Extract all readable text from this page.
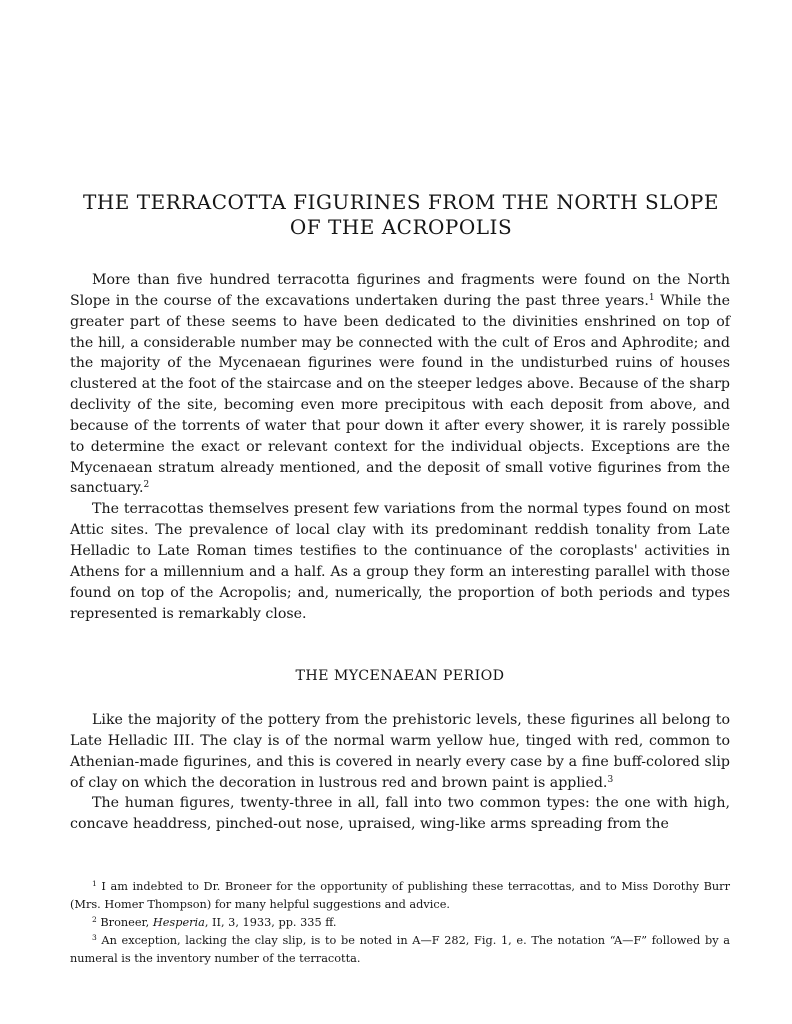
THE TERRACOTTA FIGURINES FROM THE NORTH SLOPE
OF THE ACROPOLIS

More than five hundred terracotta figurines and fragments were found on the North Slope in the course of the excavations undertaken during the past three years.$^1$ While the greater part of these seems to have been dedicated to the divinities enshrined on top of the hill, a considerable number may be connected with the cult of Eros and Aphrodite; and the majority of the Mycenaean figurines were found in the undisturbed ruins of houses clustered at the foot of the staircase and on the steeper ledges above. Because of the sharp declivity of the site, becoming even more precipitous with each deposit from above, and because of the torrents of water that pour down it after every shower, it is rarely possible to determine the exact or relevant context for the individual objects. Exceptions are the Mycenaean stratum already mentioned, and the deposit of small votive figurines from the sanctuary.$^2$

The terracottas themselves present few variations from the normal types found on most Attic sites. The prevalence of local clay with its predominant reddish tonality from Late Helladic to Late Roman times testifies to the continuance of the coroplasts' activities in Athens for a millennium and a half. As a group they form an interesting parallel with those found on top of the Acropolis; and, numerically, the proportion of both periods and types represented is remarkably close.

THE MYCENAEAN PERIOD

Like the majority of the pottery from the prehistoric levels, these figurines all belong to Late Helladic III. The clay is of the normal warm yellow hue, tinged with red, common to Athenian-made figurines, and this is covered in nearly every case by a fine buff-colored slip of clay on which the decoration in lustrous red and brown paint is applied.$^3$

The human figures, twenty-three in all, fall into two common types: the one with high, concave headdress, pinched-out nose, upraised, wing-like arms spreading from the

$^1$ I am indebted to Dr. Broneer for the opportunity of publishing these terracottas, and to Miss Dorothy Burr (Mrs. Homer Thompson) for many helpful suggestions and advice.

$^2$ Broneer, Hesperia, II, 3, 1933, pp. 335 ff.

$^3$ An exception, lacking the clay slip, is to be noted in A—F 282, Fig. 1, e. The notation “A—F” followed by a numeral is the inventory number of the terracotta.
